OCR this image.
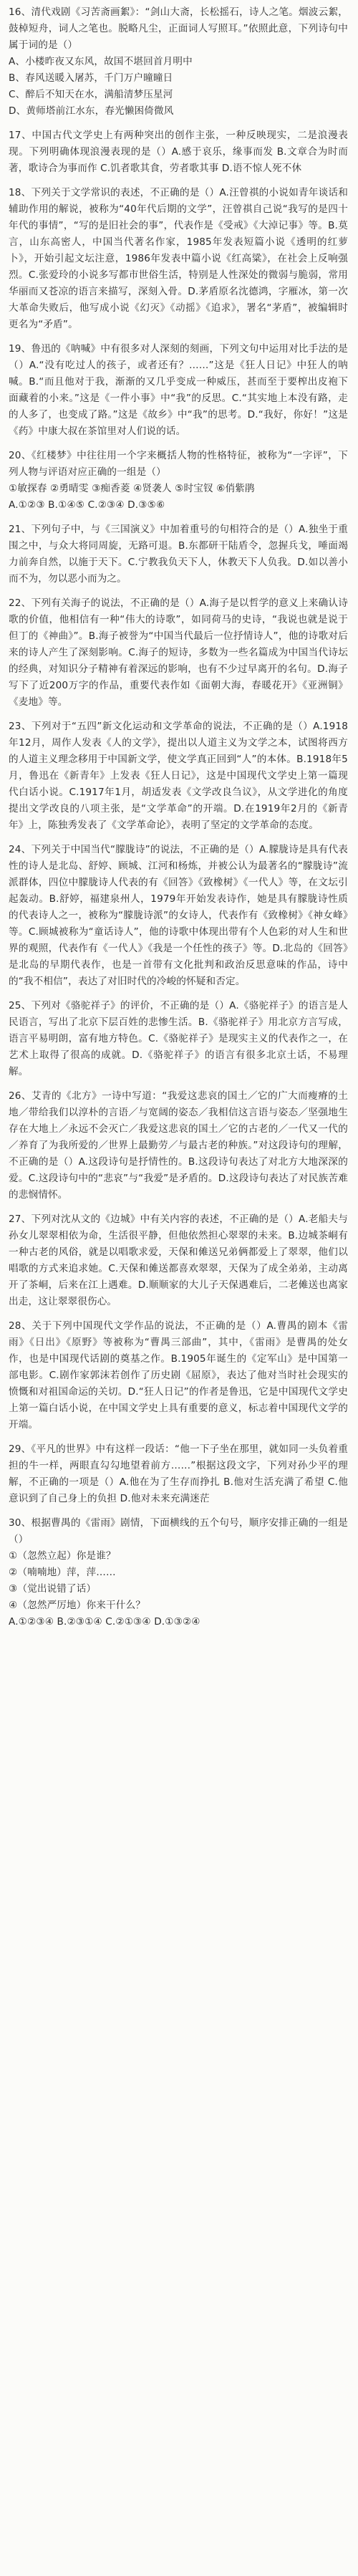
16、清代戏剧《习苦斋画絮》：“剑山大斋，长松摇石，诗人之笔。烟波云絮，鼓棹短舟，词人之笔也。脱略凡尘，正面词人写照耳。”依照此意，下列诗句中属于词的是（）

A、小楼昨夜又东风，故国不堪回首月明中

B、春风送暖入屠苏，千门万户曈曈日

C、醉后不知天在水，满船清梦压星河

D、黄师塔前江水东，春光懒困倚微风

17、中国古代文学史上有两种突出的创作主张，一种反映现实，二是浪漫表现。下列明确体现浪漫表现的是（）A.感于哀乐，缘事而发 B.文章合为时而著，歌诗合为事而作 C.饥者歌其食，劳者歌其事 D.语不惊人死不休

18、下列关于文学常识的表述，不正确的是（）A.汪曾祺的小说如青年谈话和辅助作用的解说，被称为“40年代后期的文学”，汪曾祺自己说“我写的是四十年代的事情”，“写的是旧社会的事”，代表作是《受戒》《大淖记事》等。B.莫言，山东高密人，中国当代著名作家，1985年发表短篇小说《透明的红萝卜》，开始引起文坛注意，1986年发表中篇小说《红高粱》，在社会上反响强烈。C.张爱玲的小说多写都市世俗生活，特别是人性深处的微弱与脆弱，常用华丽而又苍凉的语言来描写，深刻入骨。D.茅盾原名沈德鸿，字雁冰，第一次大革命失败后，他写成小说《幻灭》《动摇》《追求》，署名“茅盾”，被编辑时更名为“矛盾”。

19、鲁迅的《呐喊》中有很多对人深刻的刻画，下列文句中运用对比手法的是（）A.“没有吃过人的孩子，或者还有？……”这是《狂人日记》中狂人的呐喊。B.“而且他对于我，渐渐的又几乎变成一种威压，甚而至于要榨出皮袍下面藏着的小来。”这是《一件小事》中“我”的反思。C.“其实地上本没有路，走的人多了，也变成了路。”这是《故乡》中“我”的思考。D.“我好，你好！”这是《药》中康大叔在茶馆里对人们说的话。

20、《红楼梦》中往往用一个字来概括人物的性格特征，被称为“一字评”，下列人物与评语对应正确的一组是（）

①敏探春 ②勇晴雯 ③痴香菱 ④贤袭人 ⑤时宝钗 ⑥俏紫鹃

A.①②③ B.①④⑤ C.②③④ D.③⑤⑥

21、下列句子中，与《三国演义》中加着重号的句相符合的是（）A.独坐于重围之中，与众大将同周旋，无路可退。B.东都研干陆盾令，忽握兵戈，唾面竭力前奔自然，以施于天下。C.宁教我负天下人，休教天下人负我。D.如以善小而不为，勿以恶小而为之。

22、下列有关海子的说法，不正确的是（）A.海子是以哲学的意义上来确认诗歌的价值，他相信有一种“伟大的诗歌”，如同荷马的史诗，“我说也就是说于但丁的《神曲》”。B.海子被誉为“中国当代最后一位抒情诗人”，他的诗歌对后来的诗人产生了深刻影响。C.海子的短诗，多数为一些名篇成为中国当代诗坛的经典，对知识分子精神有着深远的影响，也有不少过早离开的名句。D.海子写下了近200万字的作品，重要代表作如《面朝大海，春暖花开》《亚洲铜》《麦地》等。

23、下列对于“五四”新文化运动和文学革命的说法，不正确的是（）A.1918年12月，周作人发表《人的文学》，提出以人道主义为文学之本，试图将西方的人道主义理念移用于中国新文学，使文学真正回到“人”的本体。B.1918年5月，鲁迅在《新青年》上发表《狂人日记》，这是中国现代文学史上第一篇现代白话小说。C.1917年1月，胡适发表《文学改良刍议》，从文学进化的角度提出文学改良的八项主张，是“文学革命”的开端。D.在1919年2月的《新青年》上，陈独秀发表了《文学革命论》，表明了坚定的文学革命的态度。

24、下列关于中国当代“朦胧诗”的说法，不正确的是（）A.朦胧诗是具有代表性的诗人是北岛、舒婷、顾城、江河和杨炼，并被公认为最著名的“朦胧诗”流派群体，四位中朦胧诗人代表的有《回答》《致橡树》《一代人》等，在文坛引起轰动。B.舒婷，福建泉州人，1979年开始发表诗作，她是具有朦胧诗性质的代表诗人之一，被称为“朦胧诗派”的女诗人，代表作有《致橡树》《神女峰》等。C.顾城被称为“童话诗人”，他的诗歌中体现出带有个人色彩的对人生和世界的观照，代表作有《一代人》《我是一个任性的孩子》等。D.北岛的《回答》是北岛的早期代表作，也是一首带有文化批判和政治反思意味的作品，诗中的“我不相信”，表达了对旧时代的冷峻的怀疑和否定。

25、下列对《骆驼祥子》的评价，不正确的是（）A.《骆驼祥子》的语言是人民语言，写出了北京下层百姓的悲惨生活。B.《骆驼祥子》用北京方言写成，语言平易明朗，富有地方特色。C.《骆驼祥子》是现实主义的代表作之一，在艺术上取得了很高的成就。D.《骆驼祥子》的语言有很多北京土话，不易理解。

26、艾青的《北方》一诗中写道：“我爱这悲哀的国土／它的广大而瘦瘠的土地／带给我们以淳朴的言语／与宽阔的姿态／我相信这言语与姿态／坚强地生存在大地上／永远不会灭亡／我爱这悲哀的国土／它的古老的／一代又一代的／养育了为我所爱的／世界上最勤劳／与最古老的种族。”对这段诗句的理解，不正确的是（）A.这段诗句是抒情性的。B.这段诗句表达了对北方大地深深的爱。C.这段诗句中的“悲哀”与“我爱”是矛盾的。D.这段诗句表达了对民族苦难的悲悯情怀。

27、下列对沈从文的《边城》中有关内容的表述，不正确的是（）A.老船夫与孙女儿翠翠相依为命，生活很平静，但他依然担心翠翠的未来。B.边城茶峒有一种古老的风俗，就是以唱歌求爱，天保和傩送兄弟俩都爱上了翠翠，他们以唱歌的方式来追求她。C.天保和傩送都喜欢翠翠，天保为了成全弟弟，主动离开了茶峒，后来在江上遇难。D.顺顺家的大儿子天保遇难后，二老傩送也离家出走，这让翠翠很伤心。

28、关于下列中国现代文学作品的说法，不正确的是（）A.曹禺的剧本《雷雨》《日出》《原野》等被称为“曹禺三部曲”，其中，《雷雨》是曹禺的处女作，也是中国现代话剧的奠基之作。B.1905年诞生的《定军山》是中国第一部电影。C.剧作家郭沫若创作了历史剧《屈原》，表达了他对当时社会现实的愤慨和对祖国命运的关切。D.“狂人日记”的作者是鲁迅，它是中国现代文学史上第一篇白话小说，在中国文学史上具有重要的意义，标志着中国现代文学的开端。

29、《平凡的世界》中有这样一段话：“他一下子坐在那里，就如同一头负着重担的牛一样，两眼直勾勾地望着前方……”根据这段文字，下列对孙少平的理解，不正确的一项是（）A.他在为了生存而挣扎 B.他对生活充满了希望 C.他意识到了自己身上的负担 D.他对未来充满迷茫

30、根据曹禺的《雷雨》剧情，下面横线的五个句号，顺序安排正确的一组是（）

①（忽然立起）你是谁？

②（喃喃地）萍，萍……

③（觉出说错了话）

④（忽然严厉地）你来干什么？

A.①②③④ B.②③①④ C.②①③④ D.①③②④
